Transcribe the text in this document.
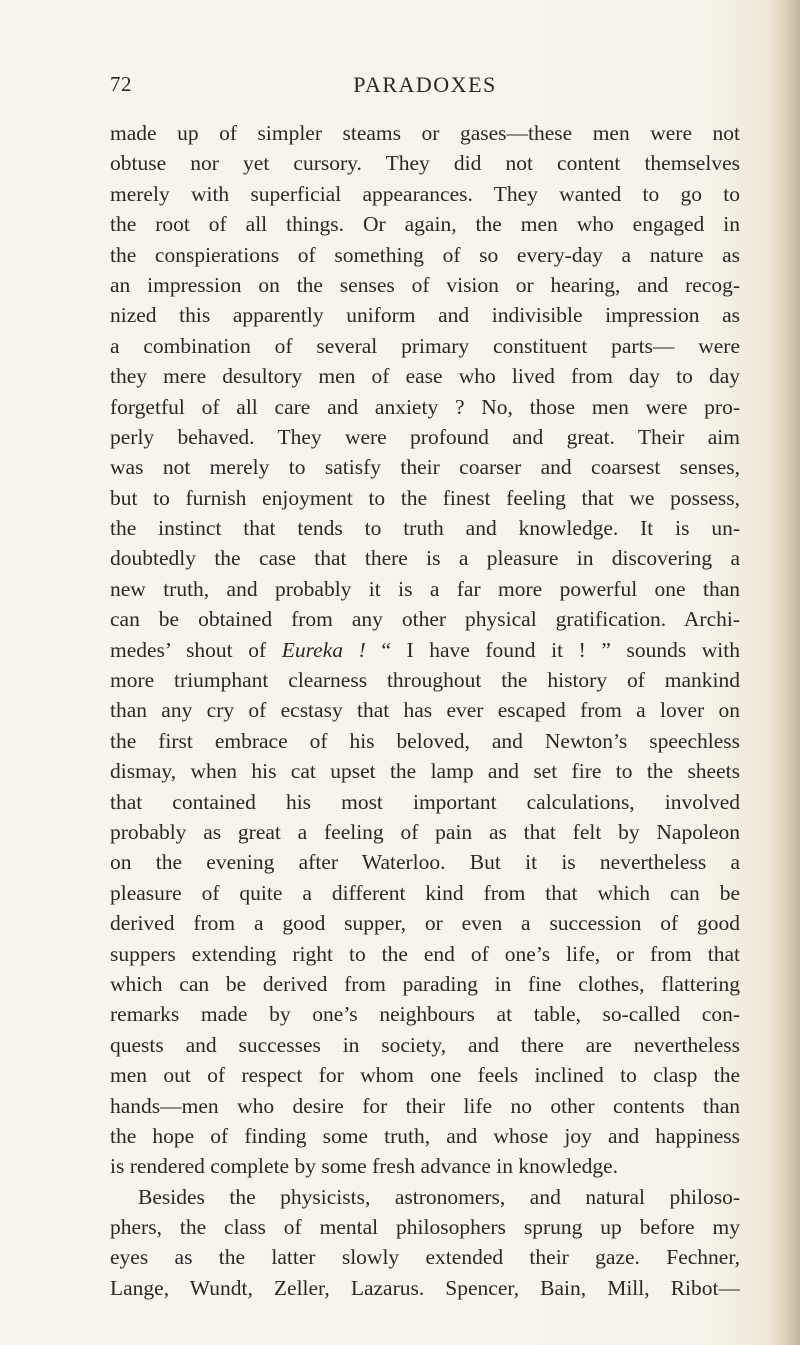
72	PARADOXES
made up of simpler steams or gases—these men were not
obtuse nor yet cursory. They did not content themselves
merely with superficial appearances. They wanted to go to
the root of all things. Or again, the men who engaged in
the conspierations of something of so every-day a nature as
an impression on the senses of vision or hearing, and recog-
nized this apparently uniform and indivisible impression as
a combination of several primary constituent parts— were
they mere desultory men of ease who lived from day to day
forgetful of all care and anxiety ? No, those men were pro-
perly behaved. They were profound and great. Their aim
was not merely to satisfy their coarser and coarsest senses,
but to furnish enjoyment to the finest feeling that we possess,
the instinct that tends to truth and knowledge. It is un-
doubtedly the case that there is a pleasure in discovering a
new truth, and probably it is a far more powerful one than
can be obtained from any other physical gratification. Archi-
medes’ shout of Eureka ! “ I have found it ! ” sounds with
more triumphant clearness throughout the history of mankind
than any cry of ecstasy that has ever escaped from a lover on
the first embrace of his beloved, and Newton’s speechless
dismay, when his cat upset the lamp and set fire to the sheets
that contained his most important calculations, involved
probably as great a feeling of pain as that felt by Napoleon
on the evening after Waterloo. But it is nevertheless a
pleasure of quite a different kind from that which can be
derived from a good supper, or even a succession of good
suppers extending right to the end of one’s life, or from that
which can be derived from parading in fine clothes, flattering
remarks made by one’s neighbours at table, so-called con-
quests and successes in society, and there are nevertheless
men out of respect for whom one feels inclined to clasp the
hands—men who desire for their life no other contents than
the hope of finding some truth, and whose joy and happiness
is rendered complete by some fresh advance in knowledge.
Besides the physicists, astronomers, and natural philoso-
phers, the class of mental philosophers sprung up before my
eyes as the latter slowly extended their gaze. Fechner,
Lange, Wundt, Zeller, Lazarus. Spencer, Bain, Mill, Ribot—
